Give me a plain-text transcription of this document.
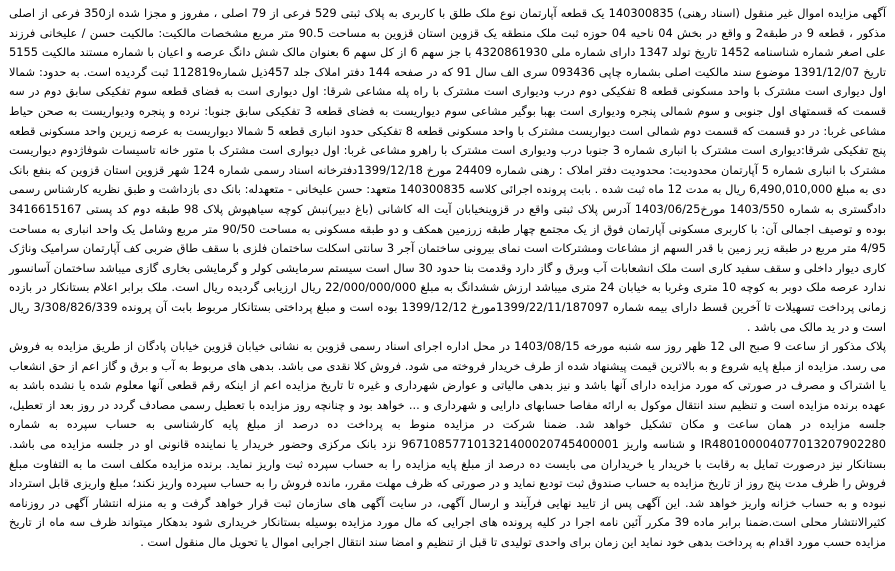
آگهی مزایده اموال غیر منقول (اسناد رهنی) 140300835 یک قطعه آپارتمان نوع ملک طلق با کاربری به پلاک ثبتی 529 فرعی از 79 اصلی ، مفروز و مجزا شده از350 فرعی از اصلی مذکور ، قطعه 9 در طبقه2 و واقع در بخش 04 ناحیه 04 حوزه ثبت ملک منطقه یک قزوین استان قزوین به مساحت 90.5 متر مربع مشخصات مالکیت: مالکیت حسن / علیخانی فرزند علی اصغر شماره شناسنامه 1452 تاریخ تولد 1347 دارای شماره ملی 4320861930 با جز سهم 6 از کل سهم 6 بعنوان مالک شش دانگ عرصه و اعیان با شماره مستند مالکیت 5155 تاریخ 1391/12/07 موضوع سند مالکیت اصلی بشماره چاپی 093436 سری الف سال 91 که در صفحه 144 دفتر املاک جلد 457ذیل شماره112819 ثبت گردیده است. به حدود: شمالا اول دیواری است مشترک با واحد مسکونی قطعه 8 تفکیکی دوم درب ودیواری است مشترک با راه پله مشاعی شرقا: اول دیواری است به فضای قطعه سوم تفکیکی سابق دوم در سه قسمت که قسمتهای اول جنوبی و سوم شمالی پنجره ودیواری است بهبا بوگیر مشاعی سوم دیواریست به فضای قطعه 3 تفکیکی سابق جنوبا: نرده و پنجره ودیواریست به صحن حیاط مشاعی غربا: در دو قسمت که قسمت دوم شمالی است دیواریست مشترک با واحد مسکونی قطعه 8 تفکیکی حدود انباری قطعه 5 شمالا دیواریست به عرصه زیرین واحد مسکونی قطعه پنج تفکیکی شرقا:دیواری است مشترک با انباری شماره 3 جنوبا درب ودیواری است مشترک با راهرو مشاعی غربا: اول دیواری است مشترک با متور خانه تاسیسات شوفاژدوم دیواریست مشترک با انباری شماره 5 آپارتمان محدودیت: محدودیت دفتر املاک : رهنی شماره 24409 مورخ 1399/12/18دفترخانه اسناد رسمی شماره 124 شهر قزوین استان قزوین که بنفع بانک دی به مبلغ 6,490,010,000 ریال به مدت 12 ماه ثبت شده . بابت پرونده اجرائی کلاسه 140300835 متعهد: حسن علیخانی - متعهدله: بانک دی بازداشت و طبق نظریه کارشناس رسمی دادگستری به شماره 1403/550 مورخ1403/06/25 آدرس پلاک ثبتی واقع در قزوینخیابان آیت اله کاشانی (باغ دبیر)نبش کوچه سیاهپوش پلاک 98 طبقه دوم کد پستی 3416615167 بوده و توصیف اجمالی آن: با کاربری مسکونی آپارتمان فوق از یک مجتمع چهار طبقه زرزمین همکف و دو طبقه مسکونی به مساحت 90/50 متر مربع وشامل یک واحد انباری به مساحت 4/95 متر مربع در طبقه زیر زمین با قدر السهم از مشاعات ومشترکات است نمای بیرونی ساختمان آجر 3 سانتی اسکلت ساختمان فلزی با سقف طاق ضربی کف آپارتمان سرامیک وناژک کاری دیوار داخلی و سقف سفید کاری است ملک انشعابات آب وبرق و گاز دارد وقدمت بنا حدود 30 سال است سیستم سرمایشی کولر و گرمایشی بخاری گازی میباشد ساختمان آسانسور ندارد عرصه ملک دوبر به کوچه 10 متری وغربا به خیابان 24 متری میباشد ارزش ششدانگ به مبلغ 22/000/000/000 ریال ارزیابی گردیده ریال است. ملک برابر اعلام بستانکار در بازده زمانی پرداخت تسهیلات تا آخرین قسط دارای بیمه شماره 1399/22/11/187097مورخ 1399/12/12 بوده است و مبلغ پرداختی بستانکار مربوط بابت آن پرونده 3/308/826/339 ریال است و در ید مالک می باشد .

پلاک مذکور از ساعت 9 صبح الی 12 ظهر روز سه شنبه مورخه 1403/08/15 در محل اداره اجرای اسناد رسمی قزوین به نشانی خیابان قزوین خیابان پادگان از طریق مزایده به فروش می رسد. مزایده از مبلغ پایه شروع و به بالاترین قیمت پیشنهاد شده از طرف خریدار فروخته می شود. فروش کلا نقدی می باشد. بدهی های مربوط به آب و برق و گاز اعم از حق انشعاب یا اشتراک و مصرف در صورتی که مورد مزایده دارای آنها باشد و نیز بدهی مالیاتی و عوارض شهرداری و غیره تا تاریخ مزایده اعم از اینکه رقم قطعی آنها معلوم شده یا نشده باشد به عهده برنده مزایده است و تنظیم سند انتقال موکول به ارائه مفاصا حسابهای دارایی و شهرداری و ... خواهد بود و چنانچه روز مزایده با تعطیل رسمی مصادف گردد در روز بعد از تعطیل، جلسه مزایده در همان ساعت و مکان تشکیل خواهد شد. ضمنا شرکت در مزایده منوط به پرداخت ده درصد از مبلغ پایه کارشناسی به حساب سپرده به شماره IR480100004077013207902280 و شناسه واریز 967108577101321400020745400001 نزد بانک مرکزی وحضور خریدار یا نماینده قانونی او در جلسه مزایده می باشد. بستانکار نیز درصورت تمایل به رقابت با خریدار یا خریداران می بایست ده درصد از مبلغ پایه مزایده را به حساب سپرده ثبت واریز نماید. برنده مزایده مکلف است ما به التفاوت مبلغ فروش را ظرف مدت پنج روز از تاریخ مزایده به حساب صندوق ثبت تودیع نماید و در صورتی که ظرف مهلت مقرر، مانده فروش را به حساب سپرده واریز نکند؛ مبلغ واریزی قابل استرداد نبوده و به حساب خزانه واریز خواهد شد. این آگهی پس از تایید نهایی فرآیند و ارسال آگهی، در سایت آگهی های سازمان ثبت قرار خواهد گرفت و به منزله انتشار آگهی در روزنامه کثیرالانتشار محلی است.ضمنا برابر ماده 39 مکرر آئین نامه اجرا در کلیه پرونده های اجرایی که مال مورد مزایده بوسیله بستانکار خریداری شود بدهکار میتواند ظرف سه ماه از تاریخ مزایده حسب مورد اقدام به پرداخت بدهی خود نماید این زمان برای واحدی تولیدی تا قبل از تنظیم و امضا سند انتقال اجرایی اموال یا تحویل مال منقول است .
